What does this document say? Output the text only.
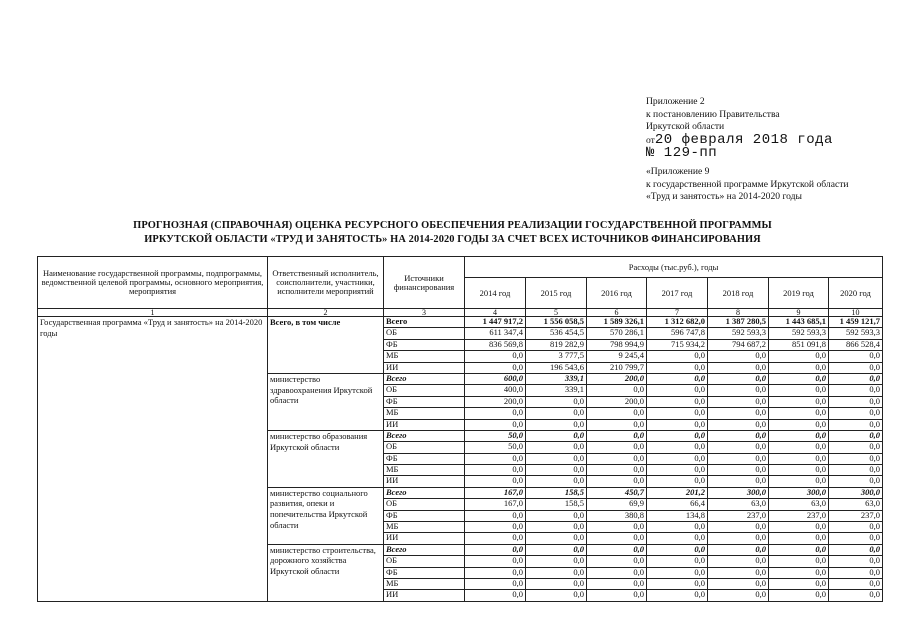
Приложение 2
к постановлению Правительства
Иркутской области
от20 февраля 2018 года
№ 129-пп
«Приложение 9
к государственной программе Иркутской области
«Труд и занятость» на 2014-2020 годы
ПРОГНОЗНАЯ (СПРАВОЧНАЯ) ОЦЕНКА РЕСУРСНОГО ОБЕСПЕЧЕНИЯ РЕАЛИЗАЦИИ ГОСУДАРСТВЕННОЙ ПРОГРАММЫ
ИРКУТСКОЙ ОБЛАСТИ «ТРУД И ЗАНЯТОСТЬ» НА 2014-2020 ГОДЫ ЗА СЧЕТ ВСЕХ ИСТОЧНИКОВ ФИНАНСИРОВАНИЯ
Наименование государственной программы, подпрограммы, ведомственной целевой программы, основного мероприятия, мероприятия	Ответственный исполнитель, соисполнители, участники, исполнители мероприятий	Источники финансирования	Расходы (тыс.руб.), годы						
			2014 год	2015 год	2016 год	2017 год	2018 год	2019 год	2020 год
1	2	3	4	5	6	7	8	9	10
Государственная программа «Труд и занятость» на 2014-2020 годы	Всего, в том числе	Всего	1 447 917,2	1 556 058,5	1 589 326,1	1 312 682,0	1 387 280,5	1 443 685,1	1 459 121,7
		ОБ	611 347,4	536 454,5	570 286,1	596 747,8	592 593,3	592 593,3	592 593,3
		ФБ	836 569,8	819 282,9	798 994,9	715 934,2	794 687,2	851 091,8	866 528,4
		МБ	0,0	3 777,5	9 245,4	0,0	0,0	0,0	0,0
		ИИ	0,0	196 543,6	210 799,7	0,0	0,0	0,0	0,0
	министерство здравоохранения Иркутской области	Всего	600,0	339,1	200,0	0,0	0,0	0,0	0,0
		ОБ	400,0	339,1	0,0	0,0	0,0	0,0	0,0
		ФБ	200,0	0,0	200,0	0,0	0,0	0,0	0,0
		МБ	0,0	0,0	0,0	0,0	0,0	0,0	0,0
		ИИ	0,0	0,0	0,0	0,0	0,0	0,0	0,0
	министерство образования Иркутской области	Всего	50,0	0,0	0,0	0,0	0,0	0,0	0,0
		ОБ	50,0	0,0	0,0	0,0	0,0	0,0	0,0
		ФБ	0,0	0,0	0,0	0,0	0,0	0,0	0,0
		МБ	0,0	0,0	0,0	0,0	0,0	0,0	0,0
		ИИ	0,0	0,0	0,0	0,0	0,0	0,0	0,0
	министерство социального развития, опеки и попечительства Иркутской области	Всего	167,0	158,5	450,7	201,2	300,0	300,0	300,0
		ОБ	167,0	158,5	69,9	66,4	63,0	63,0	63,0
		ФБ	0,0	0,0	380,8	134,8	237,0	237,0	237,0
		МБ	0,0	0,0	0,0	0,0	0,0	0,0	0,0
		ИИ	0,0	0,0	0,0	0,0	0,0	0,0	0,0
	министерство строительства, дорожного хозяйства Иркутской области	Всего	0,0	0,0	0,0	0,0	0,0	0,0	0,0
		ОБ	0,0	0,0	0,0	0,0	0,0	0,0	0,0
		ФБ	0,0	0,0	0,0	0,0	0,0	0,0	0,0
		МБ	0,0	0,0	0,0	0,0	0,0	0,0	0,0
		ИИ	0,0	0,0	0,0	0,0	0,0	0,0	0,0
